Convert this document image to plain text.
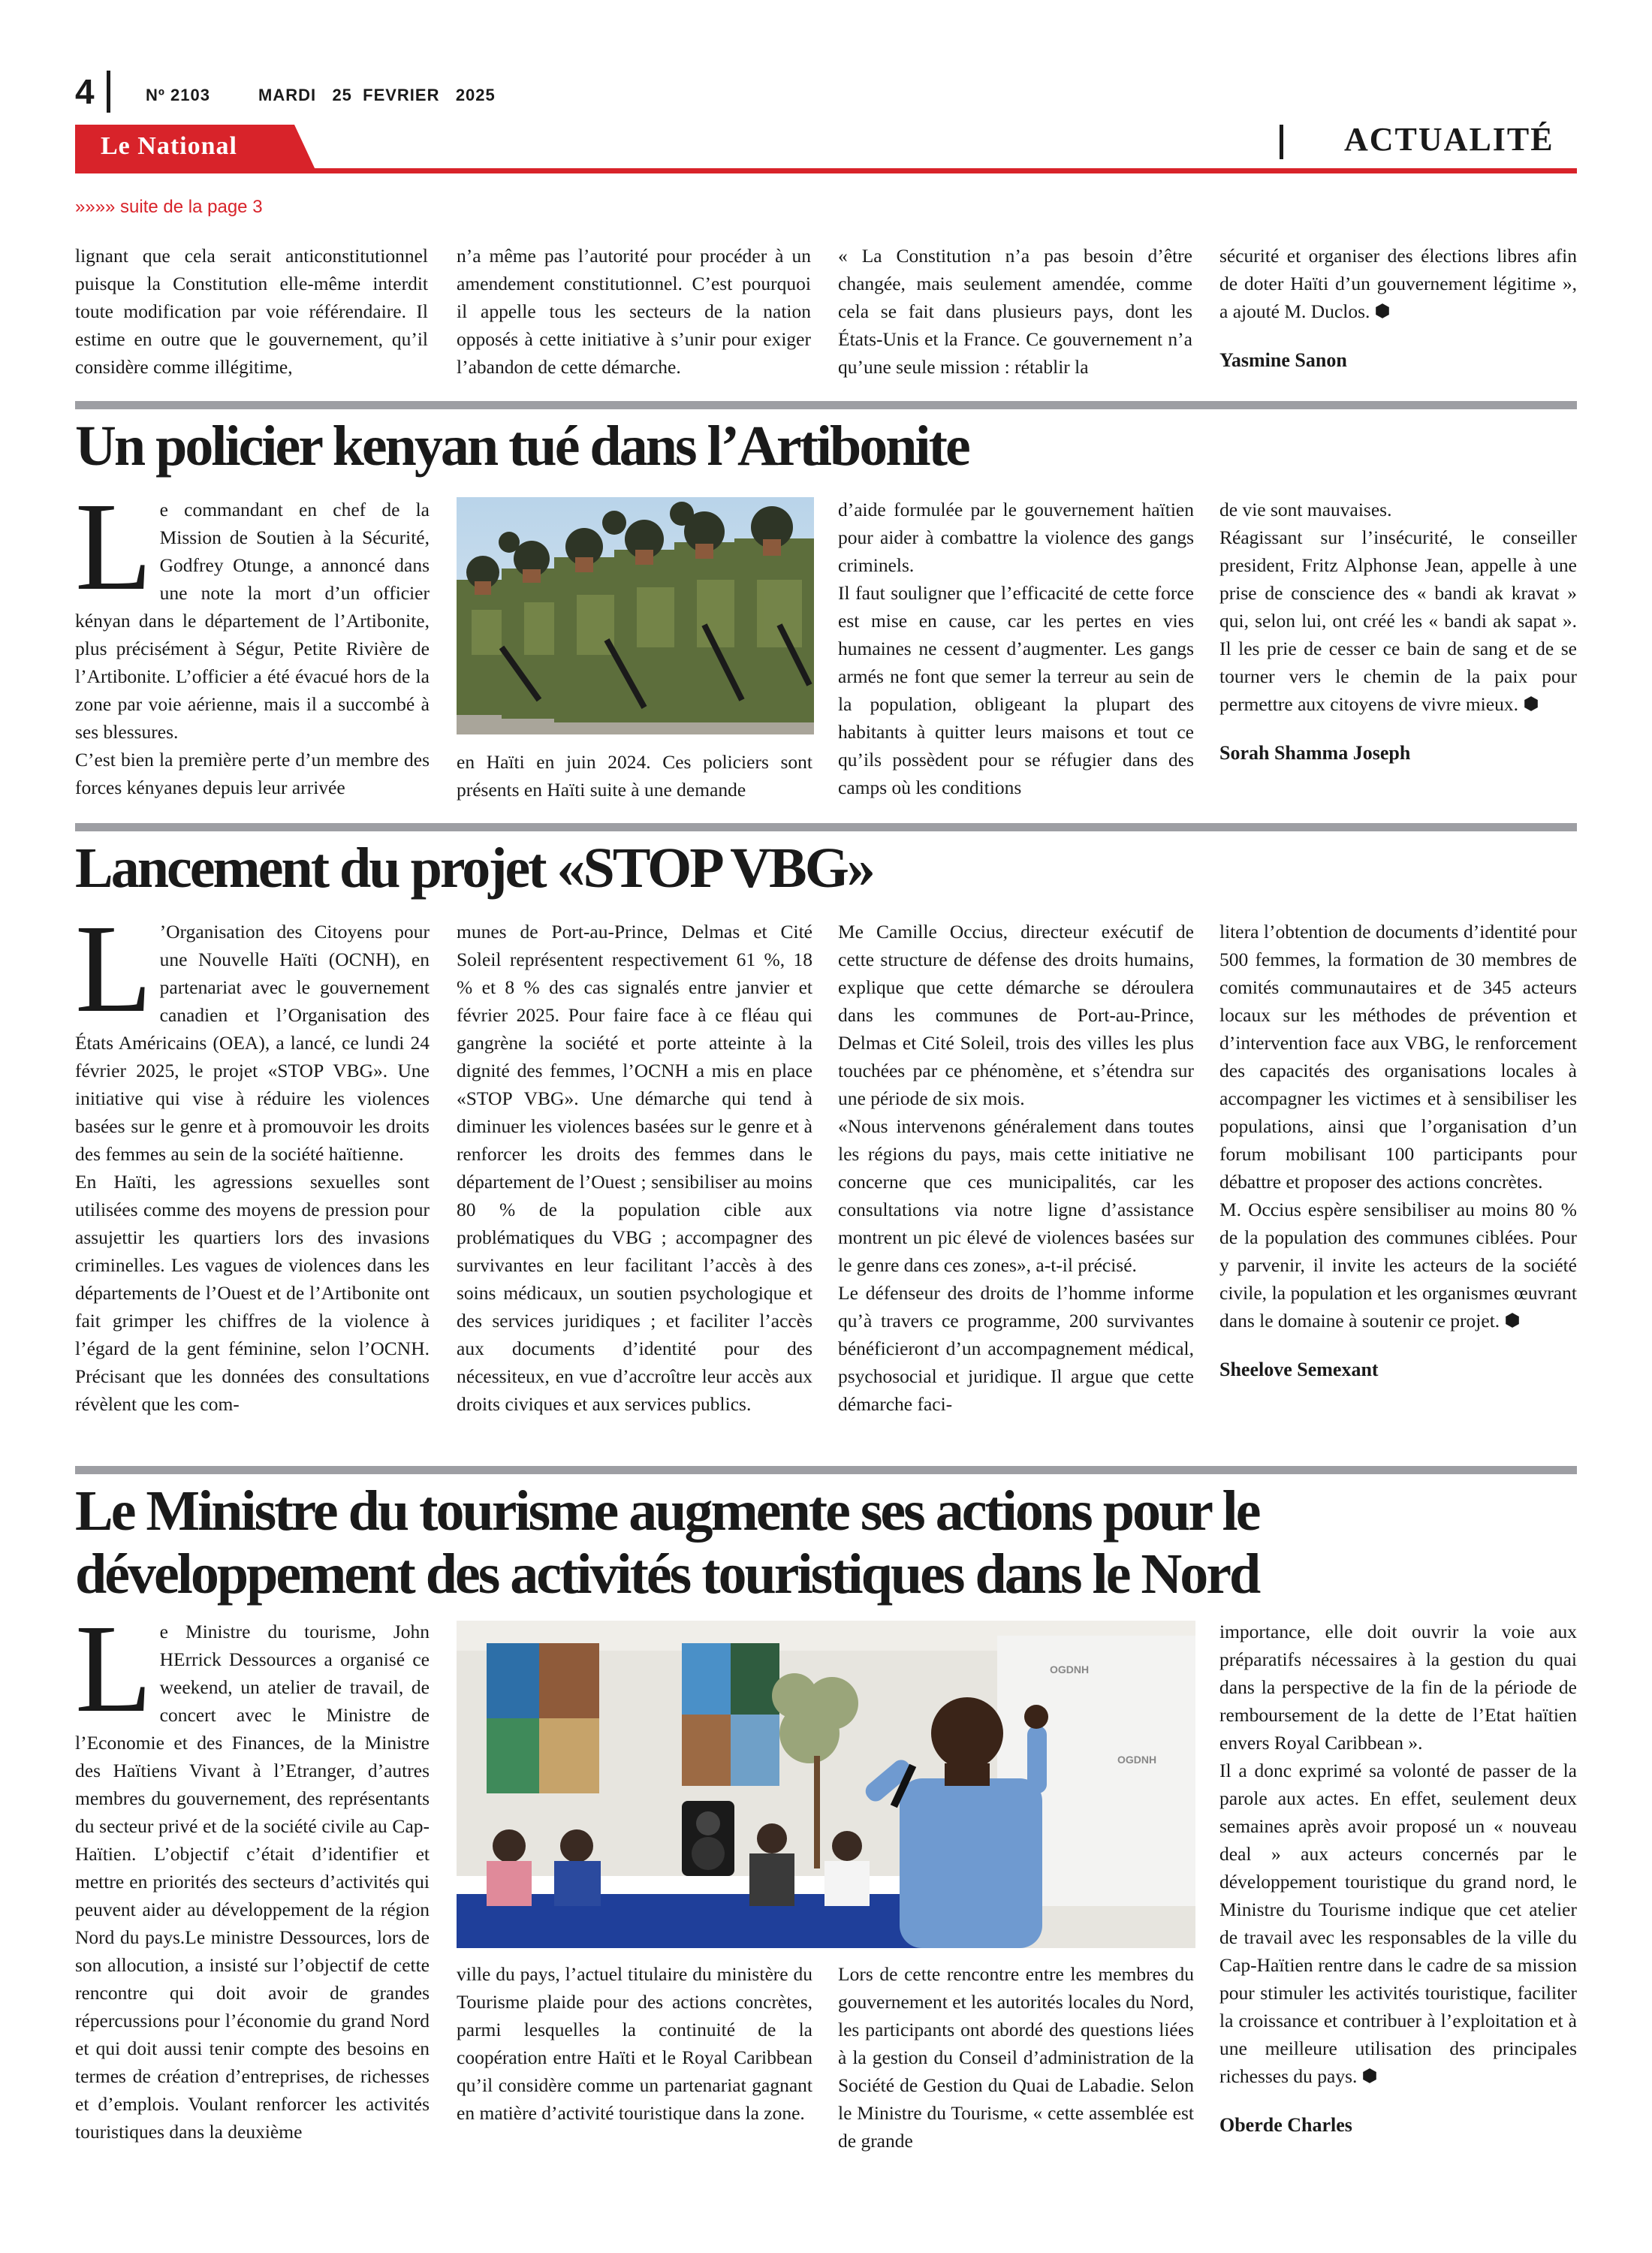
4	Nº 2103	MARDI   25  FEVRIER   2025
Le National	ACTUALITÉ
»»»» suite de la page 3

lignant que cela serait anticonstitutionnel puisque la Constitution elle-même interdit toute modification par voie référendaire. Il estime en outre que le gouvernement, qu’il considère comme illégitime,

n’a même pas l’autorité pour procéder à un amendement constitutionnel. C’est pourquoi il appelle tous les secteurs de la nation opposés à cette initiative à s’unir pour exiger l’abandon de cette démarche.

« La Constitution n’a pas besoin d’être changée, mais seulement amendée, comme cela se fait dans plusieurs pays, dont les États-Unis et la France. Ce gouvernement n’a qu’une seule mission : rétablir la

sécurité et organiser des élections libres afin de doter Haïti d’un gouvernement légitime », a ajouté M. Duclos.

Yasmine Sanon
Un policier kenyan tué dans l’Artibonite

Le commandant en chef de la Mission de Soutien à la Sécurité, Godfrey Otunge, a annoncé dans une note la mort d’un officier kényan dans le département de l’Artibonite, plus précisément à Ségur, Petite Rivière de l’Artibonite. L’officier a été évacué hors de la zone par voie aérienne, mais il a succombé à ses blessures.

C’est bien la première perte d’un membre des forces kényanes depuis leur arrivée

en Haïti en juin 2024. Ces policiers sont présents en Haïti suite à une demande

d’aide formulée par le gouvernement haïtien pour aider à combattre la violence des gangs criminels.

Il faut souligner que l’efficacité de cette force est mise en cause, car les pertes en vies humaines ne cessent d’augmenter. Les gangs armés ne font que semer la terreur au sein de la population, obligeant la plupart des habitants à quitter leurs maisons et tout ce qu’ils possèdent pour se réfugier dans des camps où les conditions

de vie sont mauvaises.

Réagissant sur l’insécurité, le conseiller president, Fritz Alphonse Jean, appelle à une prise de conscience des « bandi ak kravat » qui, selon lui, ont créé les « bandi ak sapat ». Il les prie de cesser ce bain de sang et de se tourner vers le chemin de la paix pour permettre aux citoyens de vivre mieux.

Sorah Shamma Joseph
Lancement du projet «STOP VBG»

L ’Organisation des Citoyens pour une Nouvelle Haïti (OCNH), en partenariat avec le gouvernement canadien et l’Organisation des États Américains (OEA), a lancé, ce lundi 24 février 2025, le projet «STOP VBG». Une initiative qui vise à réduire les violences basées sur le genre et à promouvoir les droits des femmes au sein de la société haïtienne.

En Haïti, les agressions sexuelles sont utilisées comme des moyens de pression pour assujettir les quartiers lors des invasions criminelles. Les vagues de violences dans les départements de l’Ouest et de l’Artibonite ont fait grimper les chiffres de la violence à l’égard de la gent féminine, selon l’OCNH. Précisant que les données des consultations révèlent que les com-

munes de Port-au-Prince, Delmas et Cité Soleil représentent respectivement 61 %, 18 % et 8 % des cas signalés entre janvier et février 2025. Pour faire face à ce fléau qui gangrène la société et porte atteinte à la dignité des femmes, l’OCNH a mis en place «STOP VBG». Une démarche qui tend à diminuer les violences basées sur le genre et à renforcer les droits des femmes dans le département de l’Ouest ; sensibiliser au moins 80 % de la population cible aux problématiques du VBG ; accompagner des survivantes en leur facilitant l’accès à des soins médicaux, un soutien psychologique et des services juridiques ; et faciliter l’accès aux documents d’identité pour des nécessiteux, en vue d’accroître leur accès aux droits civiques et aux services publics.

Me Camille Occius, directeur exécutif de cette structure de défense des droits humains, explique que cette démarche se déroulera dans les communes de Port-au-Prince, Delmas et Cité Soleil, trois des villes les plus touchées par ce phénomène, et s’étendra sur une période de six mois.

«Nous intervenons généralement dans toutes les régions du pays, mais cette initiative ne concerne que ces municipalités, car les consultations via notre ligne d’assistance montrent un pic élevé de violences basées sur le genre dans ces zones», a-t-il précisé.

Le défenseur des droits de l’homme informe qu’à travers ce programme, 200 survivantes bénéficieront d’un accompagnement médical, psychosocial et juridique. Il argue que cette démarche faci-

litera l’obtention de documents d’identité pour 500 femmes, la formation de 30 membres de comités communautaires et de 345 acteurs locaux sur les méthodes de prévention et d’intervention face aux VBG, le renforcement des capacités des organisations locales à accompagner les victimes et à sensibiliser les populations, ainsi que l’organisation d’un forum mobilisant 100 participants pour débattre et proposer des actions concrètes.

M. Occius espère sensibiliser au moins 80 % de la population des communes ciblées. Pour y parvenir, il invite les acteurs de la société civile, la population et les organismes œuvrant dans le domaine à soutenir ce projet.

Sheelove Semexant
Le Ministre du tourisme augmente ses actions pour le
développement des activités touristiques dans le Nord

Le Ministre du tourisme, John HErrick Dessources a organisé ce weekend, un atelier de travail, de concert avec le Ministre de l’Economie et des Finances, de la Ministre des Haïtiens Vivant à l’Etranger, d’autres membres du gouvernement, des représentants du secteur privé et de la société civile au Cap-Haïtien. L’objectif c’était d’identifier et mettre en priorités des secteurs d’activités qui peuvent aider au développement de la région Nord du pays.Le ministre Dessources, lors de son allocution, a insisté sur l’objectif de cette rencontre qui doit avoir de grandes répercussions pour l’économie du grand Nord et qui doit aussi tenir compte des besoins en termes de création d’entreprises, de richesses et d’emplois. Voulant renforcer les activités touristiques dans la deuxième

OGDNH
OGDNH

ville du pays, l’actuel titulaire du ministère du Tourisme plaide pour des actions concrètes, parmi lesquelles la continuité de la coopération entre Haïti et le Royal Caribbean qu’il considère comme un partenariat gagnant en matière d’activité touristique dans la zone.

Lors de cette rencontre entre les membres du gouvernement et les autorités locales du Nord, les participants ont abordé des questions liées à la gestion du Conseil d’administration de la Société de Gestion du Quai de Labadie. Selon le Ministre du Tourisme, « cette assemblée est de grande

importance, elle doit ouvrir la voie aux préparatifs nécessaires à la gestion du quai dans la perspective de la fin de la période de remboursement de la dette de l’Etat haïtien envers Royal Caribbean ».

Il a donc exprimé sa volonté de passer de la parole aux actes. En effet, seulement deux semaines après avoir proposé un « nouveau deal » aux acteurs concernés par le développement touristique du grand nord, le Ministre du Tourisme indique que cet atelier de travail avec les responsables de la ville du Cap-Haïtien rentre dans le cadre de sa mission pour stimuler les activités touristique, faciliter la croissance et contribuer à l’exploitation et à une meilleure utilisation des principales richesses du pays.

Oberde Charles
